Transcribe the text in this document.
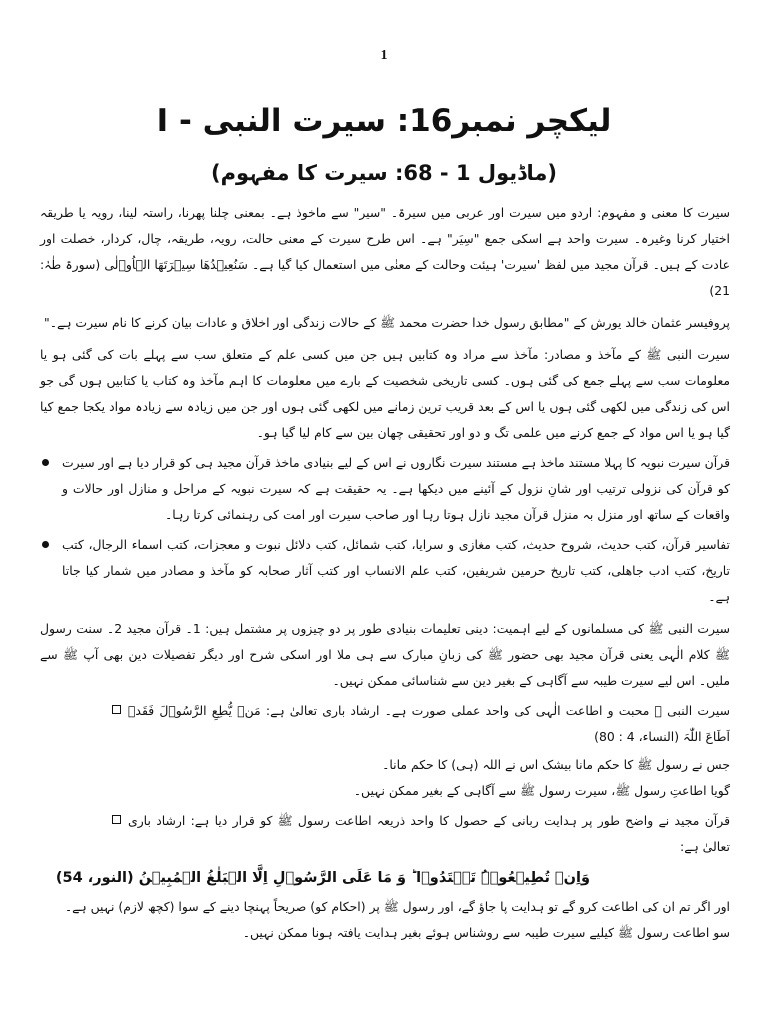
1
لیکچر نمبر16: سیرت النبی - I
(ماڈیول 1 - 68: سیرت کا مفہوم)

سیرت کا معنی و مفہوم: اردو میں سیرت اور عربی میں سیرۃ۔ "سیر" سے ماخوذ ہے۔ بمعنی چلنا پھرنا، راستہ لینا، رویہ یا طریقہ اختیار کرنا وغیرہ۔ سیرت واحد ہے اسکی جمع "سِیَر" ہے۔ اس طرح سیرت کے معنی حالت، رویہ، طریقہ، چال، کردار، خصلت اور عادت کے ہیں۔ قرآن مجید میں لفظ 'سیرت' ہیئت وحالت کے معنٰی میں استعمال کیا گیا ہے۔ سَنُعِیۡدُھَا سِیۡرَتَھَا الۡاُوۡلٰی (سورۃ طٰہٰ: 21)

پروفیسر عثمان خالد یورش کے "مطابق رسول خدا حضرت محمد ﷺ کے حالات زندگی اور اخلاق و عادات بیان کرنے کا نام سیرت ہے۔"

سیرت النبی ﷺ کے مآخذ و مصادر: مآخذ سے مراد وہ کتابیں ہیں جن میں کسی علم کے متعلق سب سے پہلے بات کی گئی ہو یا معلومات سب سے پہلے جمع کی گئی ہوں۔ کسی تاریخی شخصیت کے بارے میں معلومات کا اہم مآخذ وہ کتاب یا کتابیں ہوں گی جو اس کی زندگی میں لکھی گئی ہوں یا اس کے بعد قریب ترین زمانے میں لکھی گئی ہوں اور جن میں زیادہ سے زیادہ مواد یکجا جمع کیا گیا ہو یا اس مواد کے جمع کرنے میں علمی تگ و دو اور تحقیقی چھان بین سے کام لیا گیا ہو۔

قرآن سیرت نبویہ کا پہلا مستند ماخذ ہے مستند سیرت نگاروں نے اس کے لیے بنیادی ماخذ قرآن مجید ہی کو قرار دیا ہے اور سیرت کو قرآن کی نزولی ترتیب اور شانِ نزول کے آئینے میں دیکھا ہے۔ یہ حقیقت ہے کہ سیرت نبویہ کے مراحل و منازل اور حالات و واقعات کے ساتھ اور منزل بہ منزل قرآن مجید نازل ہوتا رہا اور صاحب سیرت اور امت کی رہنمائی کرتا رہا۔

تفاسیر قرآن، کتب حدیث، شروح حدیث، کتب مغازی و سرایا، کتب شمائل، کتب دلائل نبوت و معجزات، کتب اسماء الرجال، کتب تاریخ، کتب ادب جاھلی، کتب تاریخ حرمین شریفین، کتب علم الانساب اور کتب آثار صحابہ کو مآخذ و مصادر میں شمار کیا جاتا ہے۔

سیرت النبی ﷺ کی مسلمانوں کے لیے اہمیت: دینی تعلیمات بنیادی طور پر دو چیزوں پر مشتمل ہیں: 1۔ قرآن مجید 2۔ سنت رسول ﷺ کلام الٰہی یعنی قرآن مجید بھی حضور ﷺ کی زبانِ مبارک سے ہی ملا اور اسکی شرح اور دیگر تفصیلات دین بھی آپ ﷺ سے ملیں۔ اس لیے سیرت طیبہ سے آگاہی کے بغیر دین سے شناسائی ممکن نہیں۔

سیرت النبی ﷺ محبت و اطاعت الٰہی کی واحد عملی صورت ہے۔ ارشاد باری تعالیٰ ہے: مَنۡ یُّطِعِ الرَّسُوۡلَ فَقَدۡ اَطَاعَ اللّٰہَ (النساء، 4 : 80)

جس نے رسول ﷺ کا حکم مانا بیشک اس نے اللہ (ہی) کا حکم مانا۔

گویا اطاعتِ رسول ﷺ، سیرت رسول ﷺ سے آگاہی کے بغیر ممکن نہیں۔

قرآن مجید نے واضح طور پر ہدایت ربانی کے حصول کا واحد ذریعہ اطاعت رسول ﷺ کو قرار دیا ہے: ارشاد باری تعالیٰ ہے:

وَاِنۡ تُطِیۡعُوۡہُ تَہۡتَدُوۡا ؕ وَ مَا عَلَی الرَّسُوۡلِ اِلَّا الۡبَلٰغُ الۡمُبِیۡنُ (النور، 54)

اور اگر تم ان کی اطاعت کرو گے تو ہدایت پا جاؤ گے، اور رسول ﷺ پر (احکام کو) صریحاً پہنچا دینے کے سوا (کچھ لازم) نہیں ہے۔

سو اطاعت رسول ﷺ کیلیے سیرت طیبہ سے روشناس ہوئے بغیر ہدایت یافتہ ہونا ممکن نہیں۔
